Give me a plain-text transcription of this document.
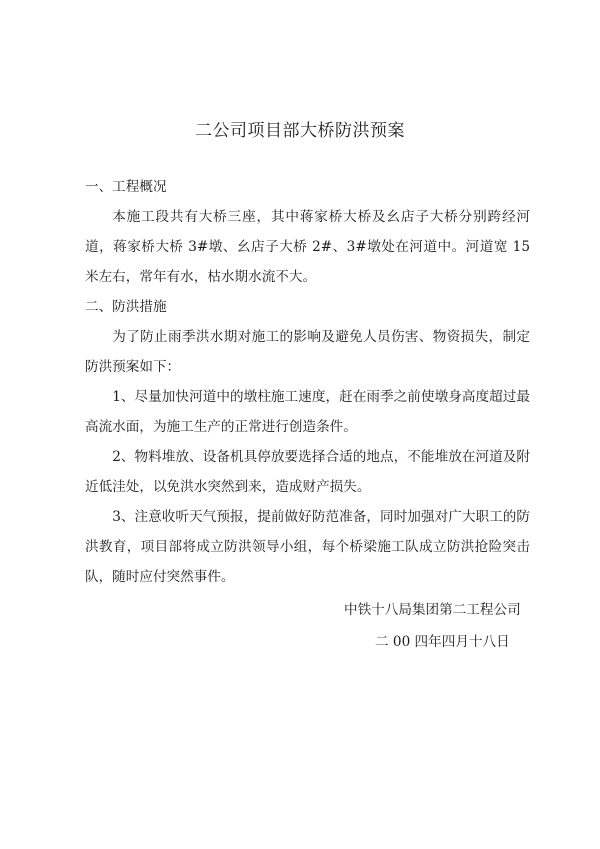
二公司项目部大桥防洪预案

一、工程概况

本施工段共有大桥三座，其中蒋家桥大桥及幺店子大桥分别跨经河道，蒋家桥大桥 3#墩、幺店子大桥 2#、3#墩处在河道中。河道宽 15 米左右，常年有水，枯水期水流不大。

二、防洪措施

为了防止雨季洪水期对施工的影响及避免人员伤害、物资损失，制定防洪预案如下：

1、尽量加快河道中的墩柱施工速度，赶在雨季之前使墩身高度超过最高流水面，为施工生产的正常进行创造条件。

2、物料堆放、设备机具停放要选择合适的地点，不能堆放在河道及附近低洼处，以免洪水突然到来，造成财产损失。

3、注意收听天气预报，提前做好防范准备，同时加强对广大职工的防洪教育，项目部将成立防洪领导小组，每个桥梁施工队成立防洪抢险突击队，随时应付突然事件。

中铁十八局集团第二工程公司
二 00 四年四月十八日
